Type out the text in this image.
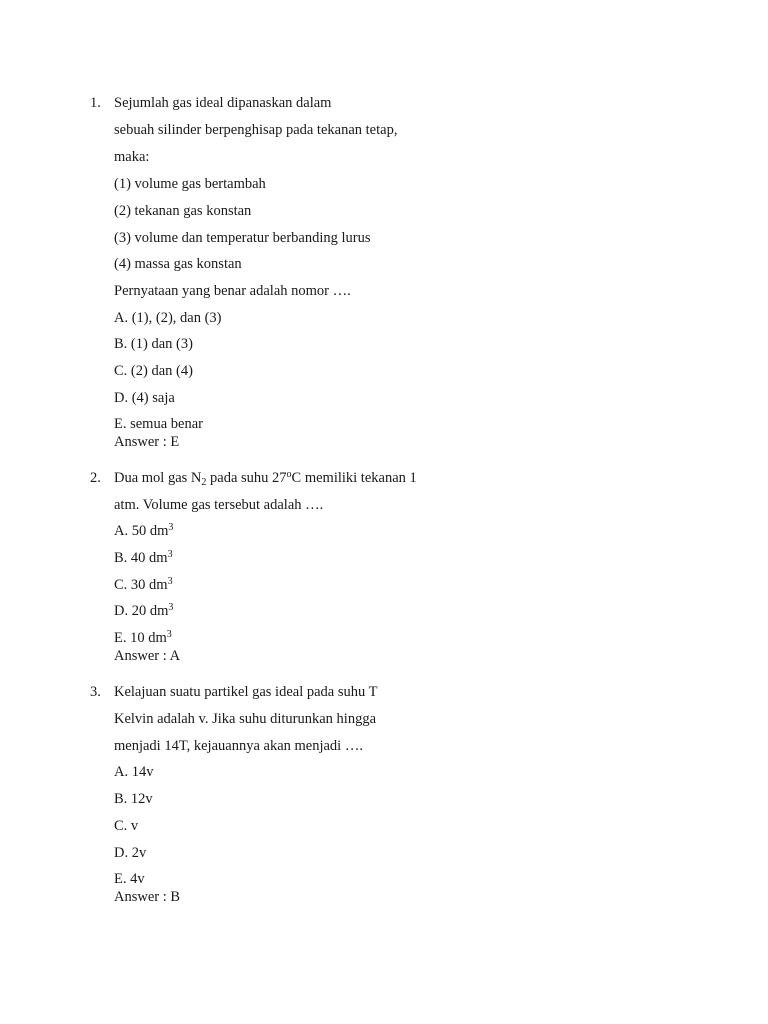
1. Sejumlah gas ideal dipanaskan dalam
sebuah silinder berpenghisap pada tekanan tetap,
maka:
(1) volume gas bertambah
(2) tekanan gas konstan
(3) volume dan temperatur berbanding lurus
(4) massa gas konstan
Pernyataan yang benar adalah nomor ….
A. (1), (2), dan (3)
B. (1) dan (3)
C. (2) dan (4)
D. (4) saja
E. semua benar
Answer : E
2. Dua mol gas $N_2$ pada suhu 27$^o$C memiliki tekanan 1
atm. Volume gas tersebut adalah ….
A. 50 $dm^3$
B. 40 $dm^3$
C. 30 $dm^3$
D. 20 $dm^3$
E. 10 $dm^3$
Answer : A
3. Kelajuan suatu partikel gas ideal pada suhu T
Kelvin adalah v. Jika suhu diturunkan hingga
menjadi 14T, kejauannya akan menjadi ….
A. 14v
B. 12v
C. v
D. 2v
E. 4v
Answer : B
